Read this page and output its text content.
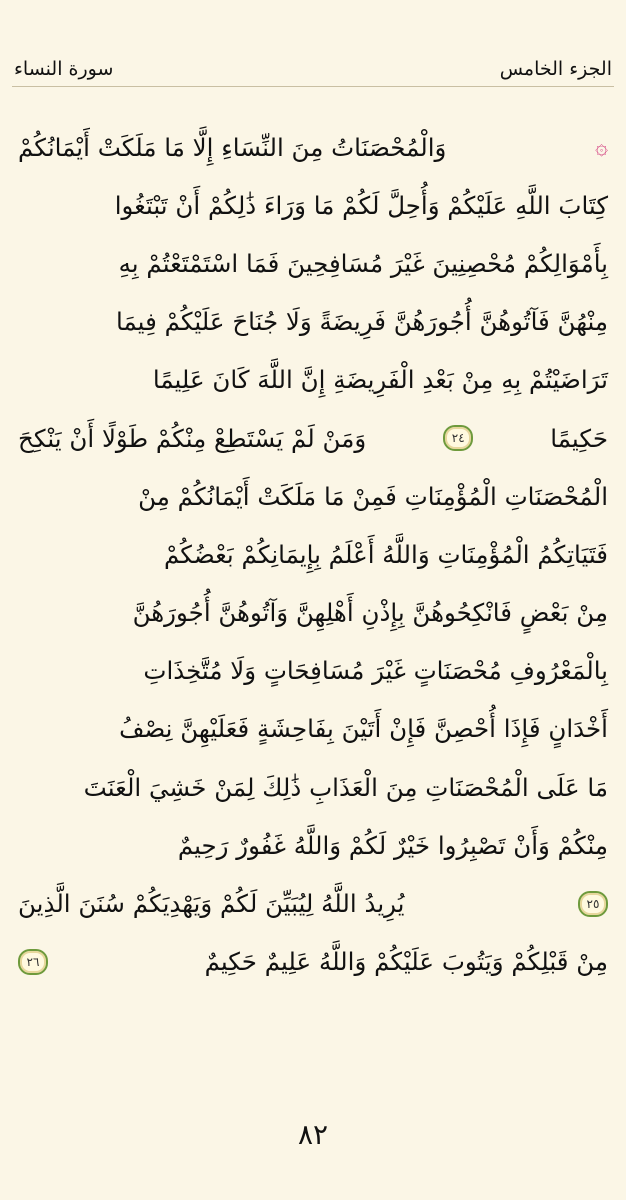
سورة النساء	الجزء الخامس
۞
وَالْمُحْصَنَاتُ مِنَ النِّسَاءِ إِلَّا مَا مَلَكَتْ أَيْمَانُكُمْ
كِتَابَ اللَّهِ عَلَيْكُمْ وَأُحِلَّ لَكُمْ مَا وَرَاءَ ذَٰلِكُمْ أَنْ تَبْتَغُوا
بِأَمْوَالِكُمْ مُحْصِنِينَ غَيْرَ مُسَافِحِينَ فَمَا اسْتَمْتَعْتُمْ بِهِ
مِنْهُنَّ فَآتُوهُنَّ أُجُورَهُنَّ فَرِيضَةً وَلَا جُنَاحَ عَلَيْكُمْ فِيمَا
تَرَاضَيْتُمْ بِهِ مِنْ بَعْدِ الْفَرِيضَةِ إِنَّ اللَّهَ كَانَ عَلِيمًا
حَكِيمًا
٢٤
وَمَنْ لَمْ يَسْتَطِعْ مِنْكُمْ طَوْلًا أَنْ يَنْكِحَ
الْمُحْصَنَاتِ الْمُؤْمِنَاتِ فَمِنْ مَا مَلَكَتْ أَيْمَانُكُمْ مِنْ
فَتَيَاتِكُمُ الْمُؤْمِنَاتِ وَاللَّهُ أَعْلَمُ بِإِيمَانِكُمْ بَعْضُكُمْ
مِنْ بَعْضٍ فَانْكِحُوهُنَّ بِإِذْنِ أَهْلِهِنَّ وَآتُوهُنَّ أُجُورَهُنَّ
بِالْمَعْرُوفِ مُحْصَنَاتٍ غَيْرَ مُسَافِحَاتٍ وَلَا مُتَّخِذَاتِ
أَخْدَانٍ فَإِذَا أُحْصِنَّ فَإِنْ أَتَيْنَ بِفَاحِشَةٍ فَعَلَيْهِنَّ نِصْفُ
مَا عَلَى الْمُحْصَنَاتِ مِنَ الْعَذَابِ ذَٰلِكَ لِمَنْ خَشِيَ الْعَنَتَ
مِنْكُمْ وَأَنْ تَصْبِرُوا خَيْرٌ لَكُمْ وَاللَّهُ غَفُورٌ رَحِيمٌ
٢٥
يُرِيدُ اللَّهُ لِيُبَيِّنَ لَكُمْ وَيَهْدِيَكُمْ سُنَنَ الَّذِينَ
مِنْ قَبْلِكُمْ وَيَتُوبَ عَلَيْكُمْ وَاللَّهُ عَلِيمٌ حَكِيمٌ
٢٦
٨٢
